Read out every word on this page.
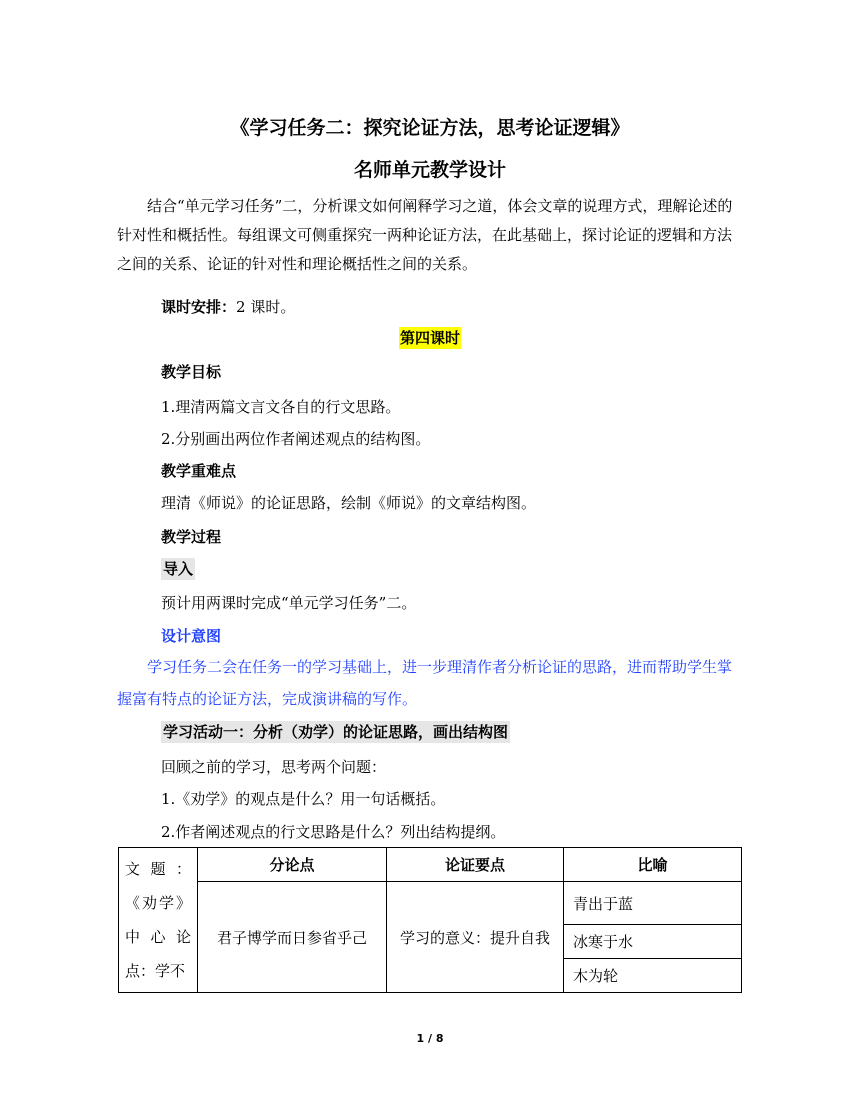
《学习任务二：探究论证方法，思考论证逻辑》
名师单元教学设计
结合“单元学习任务”二，分析课文如何阐释学习之道，体会文章的说理方式，理解论述的针对性和概括性。每组课文可侧重探究一两种论证方法，在此基础上，探讨论证的逻辑和方法之间的关系、论证的针对性和理论概括性之间的关系。
课时安排：2 课时。
第四课时
教学目标
1.理清两篇文言文各自的行文思路。
2.分别画出两位作者阐述观点的结构图。
教学重难点
理清《师说》的论证思路，绘制《师说》的文章结构图。
教学过程
导入
预计用两课时完成“单元学习任务”二。
设计意图
学习任务二会在任务一的学习基础上，进一步理清作者分析论证的思路，进而帮助学生掌握富有特点的论证方法，完成演讲稿的写作。
学习活动一：分析（劝学）的论证思路，画出结构图
回顾之前的学习，思考两个问题：
1.《劝学》的观点是什么？用一句话概括。
2.作者阐述观点的行文思路是什么？列出结构提纲。
文 题 ：《劝学》中 心 论点：学不	分论点	论证要点	比喻
	君子博学而日参省乎己	学习的意义：提升自我	青出于蓝
			冰寒于水
			木为轮
1 / 8
